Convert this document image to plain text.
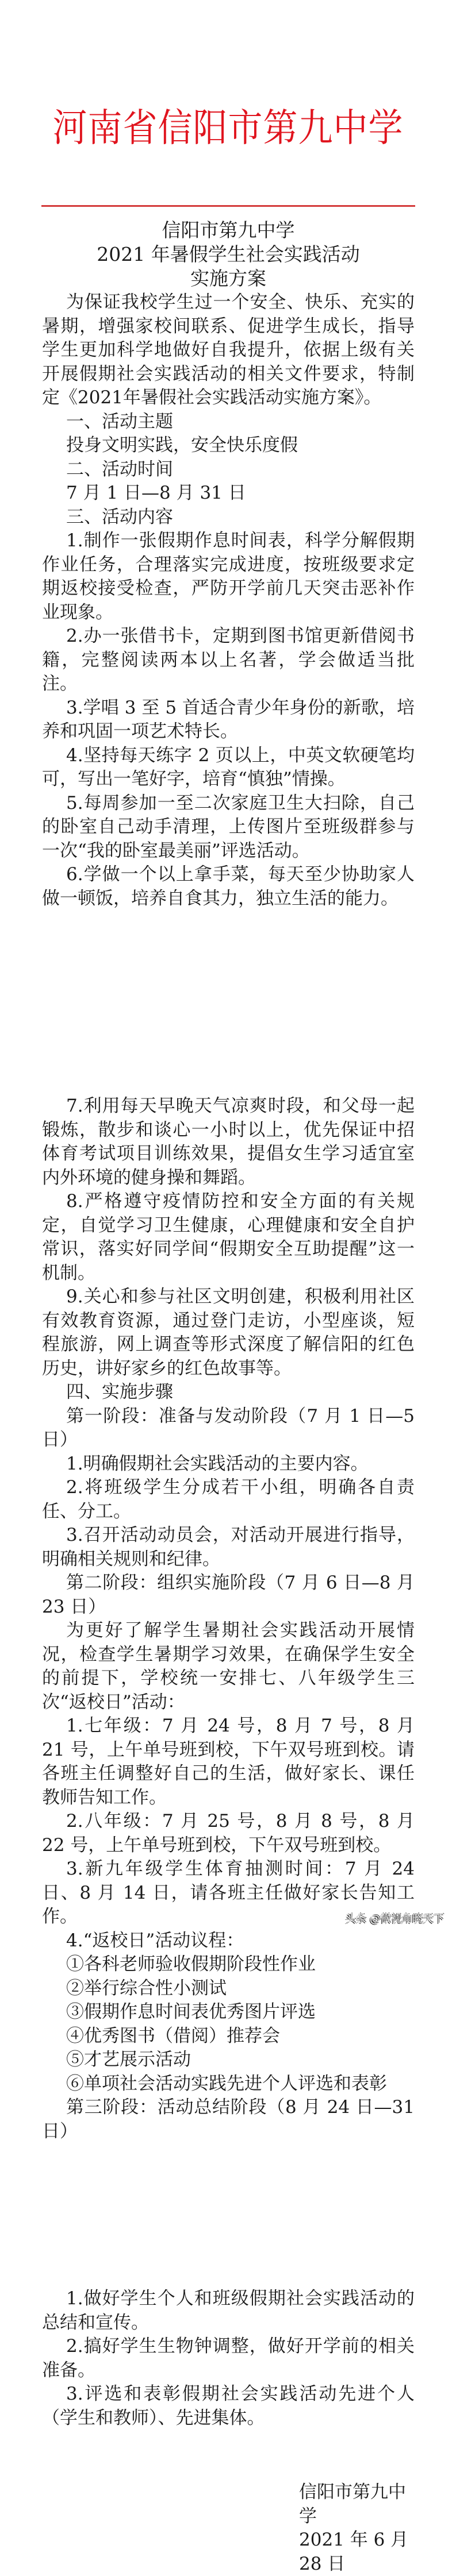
河南省信阳市第九中学
信阳市第九中学
2021 年暑假学生社会实践活动
实施方案

为保证我校学生过一个安全、快乐、充实的暑期，增强家校间联系、促进学生成长，指导学生更加科学地做好自我提升，依据上级有关开展假期社会实践活动的相关文件要求，特制定《2021年暑假社会实践活动实施方案》。

一、活动主题

投身文明实践，安全快乐度假

二、活动时间

7 月 1 日—8 月 31 日

三、活动内容

1.制作一张假期作息时间表，科学分解假期作业任务，合理落实完成进度，按班级要求定期返校接受检查，严防开学前几天突击恶补作业现象。

2.办一张借书卡，定期到图书馆更新借阅书籍，完整阅读两本以上名著，学会做适当批注。

3.学唱 3 至 5 首适合青少年身份的新歌，培养和巩固一项艺术特长。

4.坚持每天练字 2 页以上，中英文软硬笔均可，写出一笔好字，培育“慎独”情操。

5.每周参加一至二次家庭卫生大扫除，自己的卧室自己动手清理，上传图片至班级群参与一次“我的卧室最美丽”评选活动。

6.学做一个以上拿手菜，每天至少协助家人做一顿饭，培养自食其力，独立生活的能力。

7.利用每天早晚天气凉爽时段，和父母一起锻炼，散步和谈心一小时以上，优先保证中招体育考试项目训练效果，提倡女生学习适宜室内外环境的健身操和舞蹈。

8.严格遵守疫情防控和安全方面的有关规定，自觉学习卫生健康，心理健康和安全自护常识，落实好同学间“假期安全互助提醒”这一机制。

9.关心和参与社区文明创建，积极利用社区有效教育资源，通过登门走访，小型座谈，短程旅游，网上调查等形式深度了解信阳的红色历史，讲好家乡的红色故事等。

四、实施步骤

第一阶段：准备与发动阶段（7 月 1 日—5 日）

1.明确假期社会实践活动的主要内容。

2.将班级学生分成若干小组，明确各自责任、分工。

3.召开活动动员会，对活动开展进行指导，明确相关规则和纪律。

第二阶段：组织实施阶段（7 月 6 日—8 月 23 日）

为更好了解学生暑期社会实践活动开展情况，检查学生暑期学习效果，在确保学生安全的前提下，学校统一安排七、八年级学生三次“返校日”活动：

1.七年级：7 月 24 号，8 月 7 号，8 月 21 号，上午单号班到校，下午双号班到校。请各班主任调整好自己的生活，做好家长、课任教师告知工作。

2.八年级：7 月 25 号，8 月 8 号，8 月 22 号，上午单号班到校，下午双号班到校。

3.新九年级学生体育抽测时间：7 月 24 日、8 月 14 日，请各班主任做好家长告知工作。

4.“返校日”活动议程：

①各科老师验收假期阶段性作业

②举行综合性小测试

③假期作息时间表优秀图片评选

④优秀图书（借阅）推荐会

⑤才艺展示活动

⑥单项社会活动实践先进个人评选和表彰

第三阶段：活动总结阶段（8 月 24 日—31 日）

1.做好学生个人和班级假期社会实践活动的总结和宣传。

2.搞好学生生物钟调整，做好开学前的相关准备。

3.评选和表彰假期社会实践活动先进个人（学生和教师）、先进集体。

信阳市第九中学

2021 年 6 月 28 日

头条 @微视角晓天下
